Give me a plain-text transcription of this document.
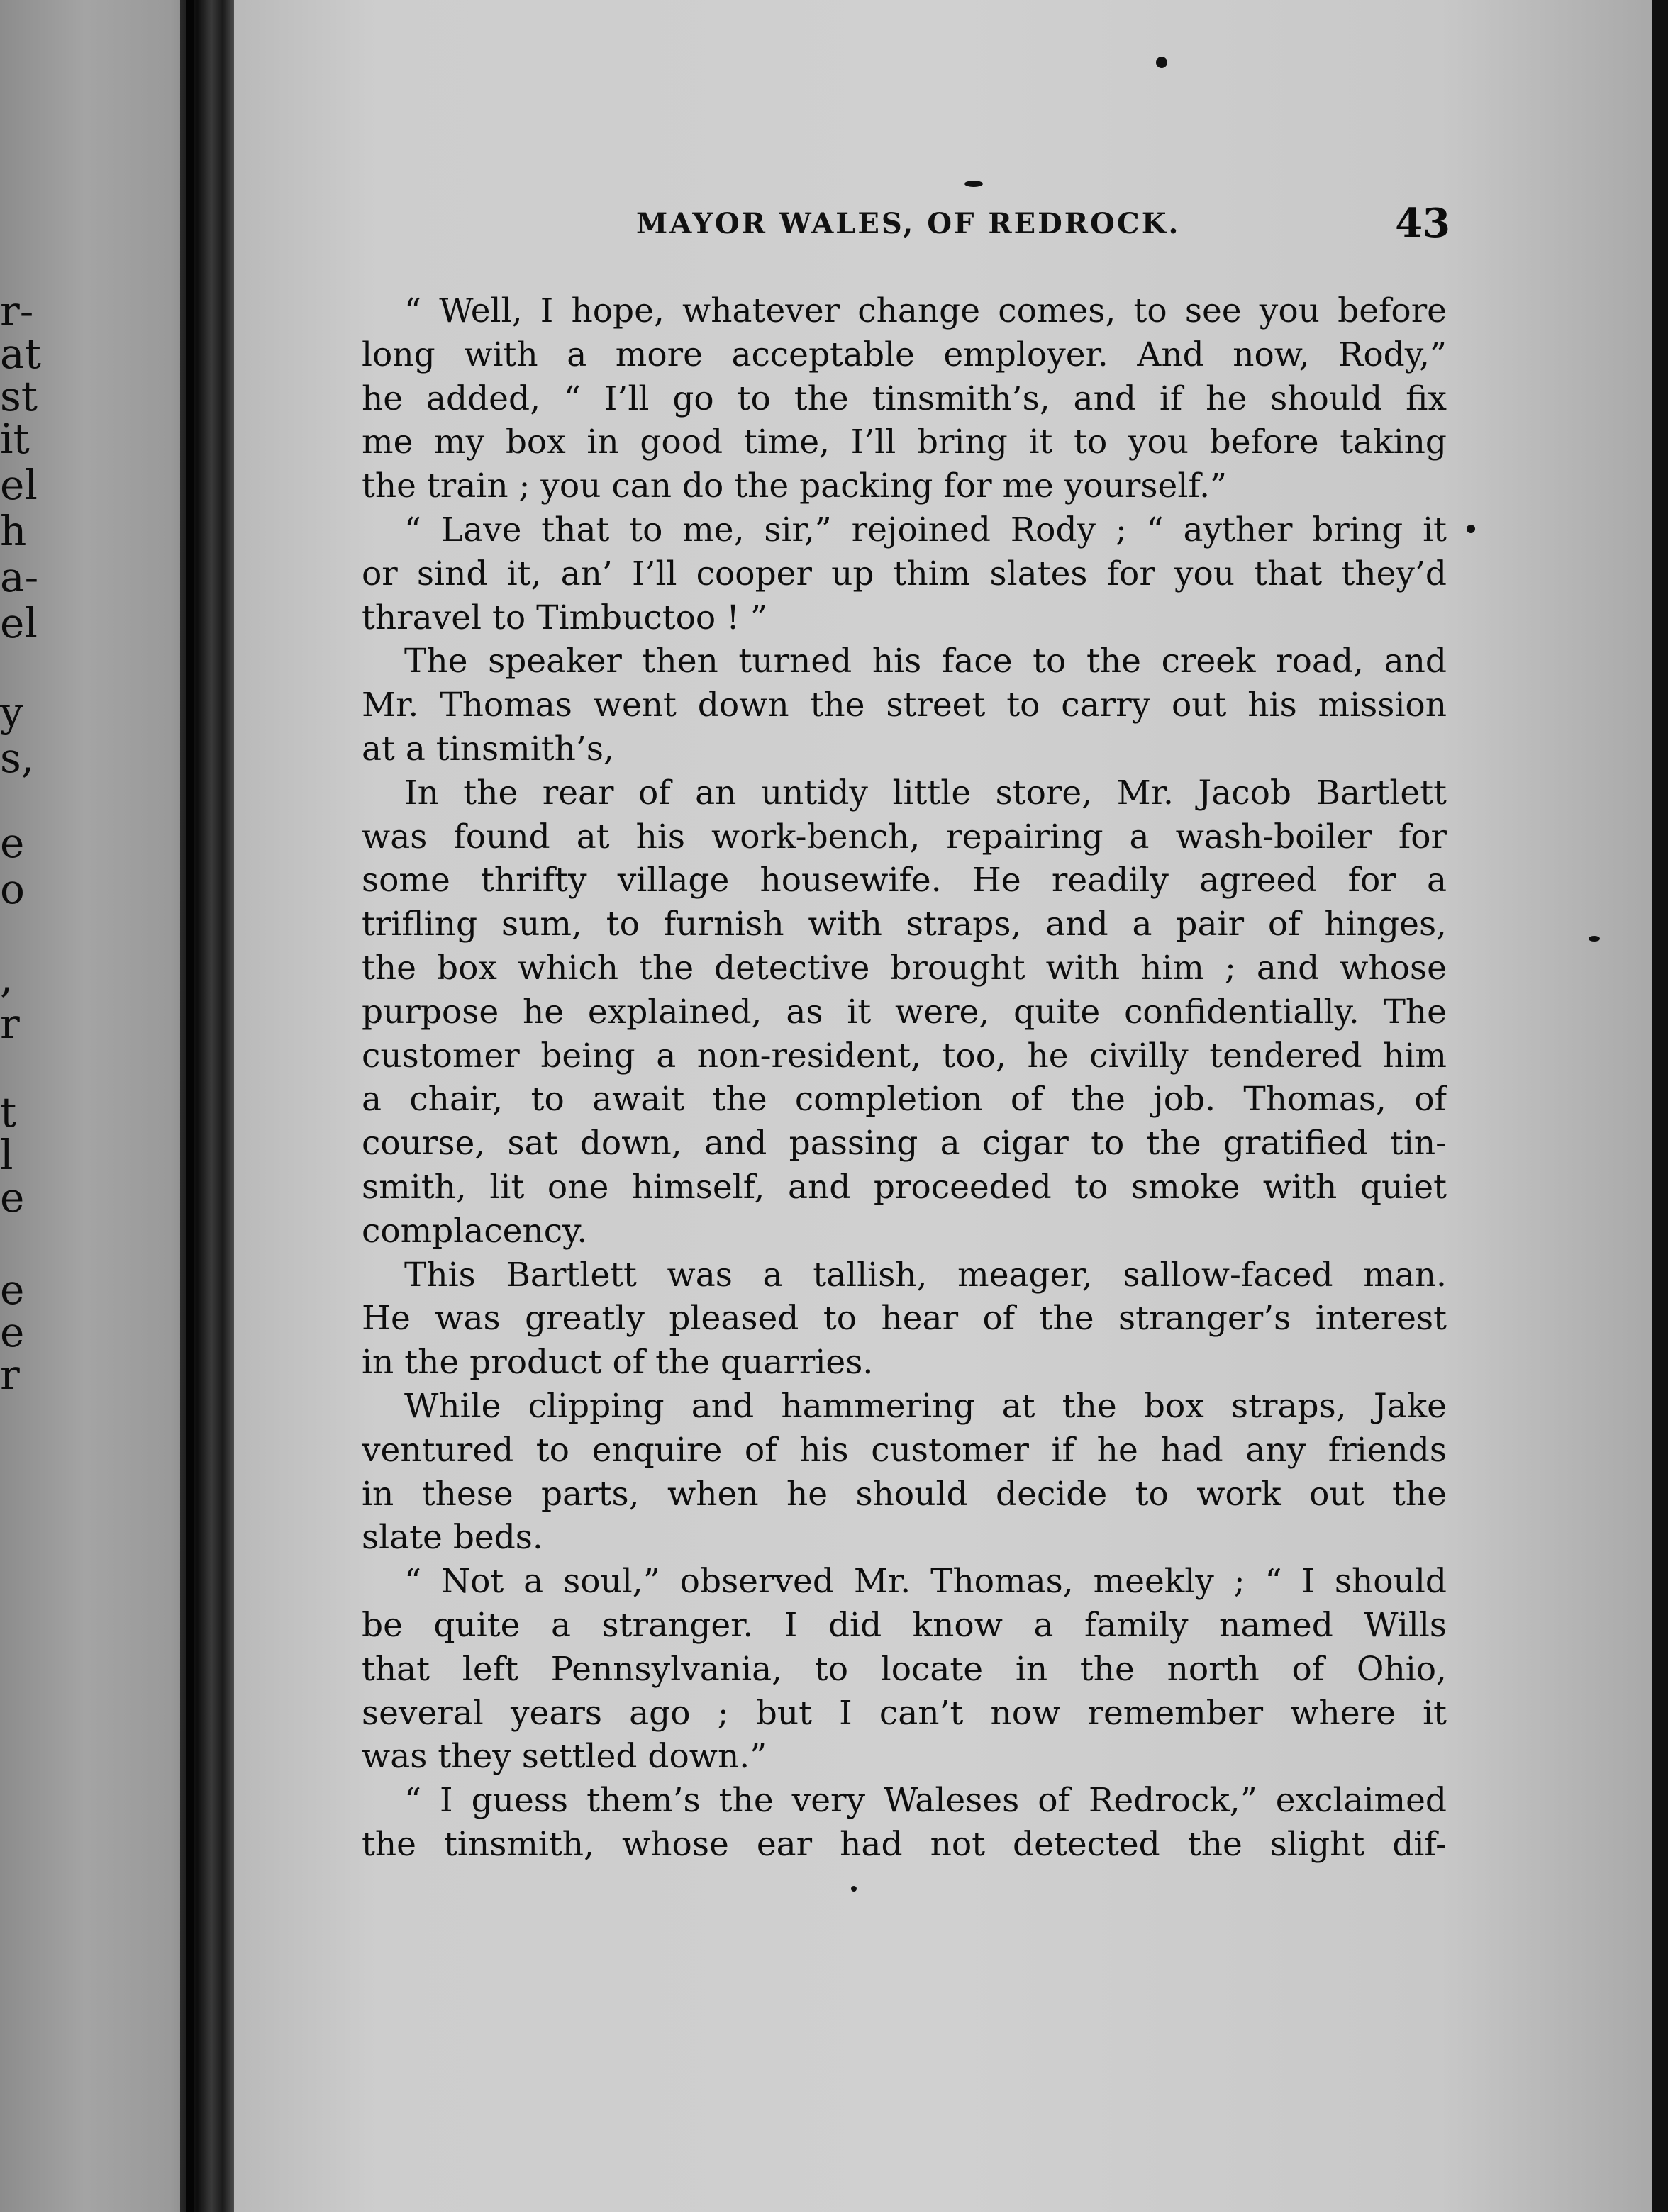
r-
at
st
it
el
h
a-
el
y
s,
e
o
,
r
t
l
e
e
e
r
MAYOR WALES, OF REDROCK.	43
“ Well, I hope, whatever change comes, to see you before
long with a more acceptable employer. And now, Rody,”
he added, “ I’ll go to the tinsmith’s, and if he should fix
me my box in good time, I’ll bring it to you before taking
the train ; you can do the packing for me yourself.”
“ Lave that to me, sir,” rejoined Rody ; “ ayther bring it
or sind it, an’ I’ll cooper up thim slates for you that they’d
thravel to Timbuctoo ! ”
The speaker then turned his face to the creek road, and
Mr. Thomas went down the street to carry out his mission
at a tinsmith’s,
In the rear of an untidy little store, Mr. Jacob Bartlett
was found at his work-bench, repairing a wash-boiler for
some thrifty village housewife. He readily agreed for a
trifling sum, to furnish with straps, and a pair of hinges,
the box which the detective brought with him ; and whose
purpose he explained, as it were, quite confidentially. The
customer being a non-resident, too, he civilly tendered him
a chair, to await the completion of the job. Thomas, of
course, sat down, and passing a cigar to the gratified tin-
smith, lit one himself, and proceeded to smoke with quiet
complacency.
This Bartlett was a tallish, meager, sallow-faced man.
He was greatly pleased to hear of the stranger’s interest
in the product of the quarries.
While clipping and hammering at the box straps, Jake
ventured to enquire of his customer if he had any friends
in these parts, when he should decide to work out the
slate beds.
“ Not a soul,” observed Mr. Thomas, meekly ; “ I should
be quite a stranger. I did know a family named Wills
that left Pennsylvania, to locate in the north of Ohio,
several years ago ; but I can’t now remember where it
was they settled down.”
“ I guess them’s the very Waleses of Redrock,” exclaimed
the tinsmith, whose ear had not detected the slight dif-
